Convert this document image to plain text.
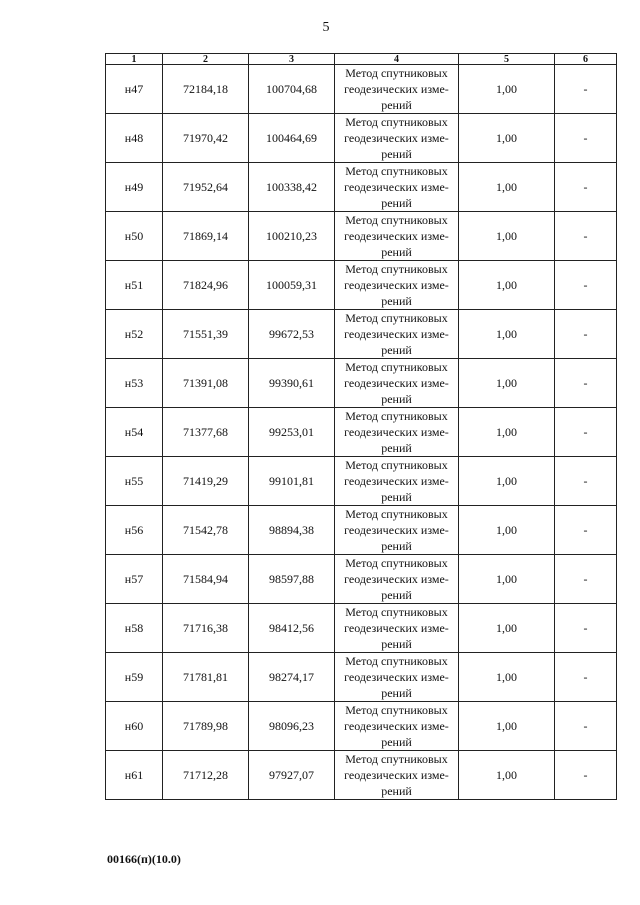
5
1	2	3	4	5	6
н47	72184,18	100704,68	Метод спутниковых
геодезических изме-
рений	1,00	-
н48	71970,42	100464,69	Метод спутниковых
геодезических изме-
рений	1,00	-
н49	71952,64	100338,42	Метод спутниковых
геодезических изме-
рений	1,00	-
н50	71869,14	100210,23	Метод спутниковых
геодезических изме-
рений	1,00	-
н51	71824,96	100059,31	Метод спутниковых
геодезических изме-
рений	1,00	-
н52	71551,39	99672,53	Метод спутниковых
геодезических изме-
рений	1,00	-
н53	71391,08	99390,61	Метод спутниковых
геодезических изме-
рений	1,00	-
н54	71377,68	99253,01	Метод спутниковых
геодезических изме-
рений	1,00	-
н55	71419,29	99101,81	Метод спутниковых
геодезических изме-
рений	1,00	-
н56	71542,78	98894,38	Метод спутниковых
геодезических изме-
рений	1,00	-
н57	71584,94	98597,88	Метод спутниковых
геодезических изме-
рений	1,00	-
н58	71716,38	98412,56	Метод спутниковых
геодезических изме-
рений	1,00	-
н59	71781,81	98274,17	Метод спутниковых
геодезических изме-
рений	1,00	-
н60	71789,98	98096,23	Метод спутниковых
геодезических изме-
рений	1,00	-
н61	71712,28	97927,07	Метод спутниковых
геодезических изме-
рений	1,00	-
00166(п)(10.0)
